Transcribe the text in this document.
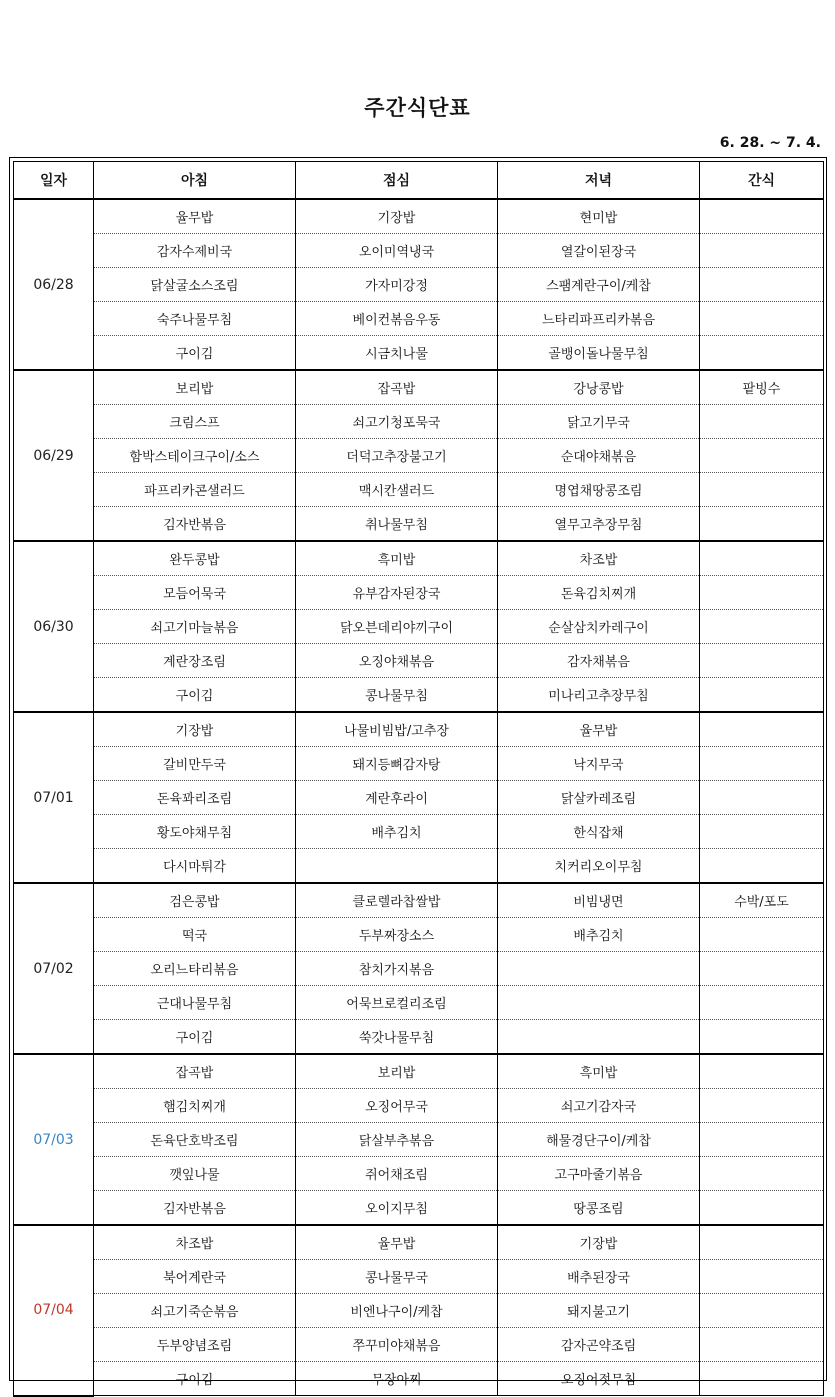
주간식단표
6. 28. ~ 7. 4.
일자	아침	점심	저녁	간식
06/28	율무밥	기장밥	현미밥	
	감자수제비국	오이미역냉국	열갈이된장국	
	닭살굴소스조림	가자미강정	스팸계란구이/케찹	
	숙주나물무침	베이컨볶음우동	느타리파프리카볶음	
	구이김	시금치나물	골뱅이돌나물무침	
06/29	보리밥	잡곡밥	강낭콩밥	팥빙수
	크림스프	쇠고기청포묵국	닭고기무국	
	함박스테이크구이/소스	더덕고추장불고기	순대야채볶음	
	파프리카콘샐러드	맥시칸샐러드	명엽채땅콩조림	
	김자반볶음	취나물무침	열무고추장무침	
06/30	완두콩밥	흑미밥	차조밥	
	모듬어묵국	유부감자된장국	돈육김치찌개	
	쇠고기마늘볶음	닭오븐데리야끼구이	순살삼치카레구이	
	계란장조림	오징야채볶음	감자채볶음	
	구이김	콩나물무침	미나리고추장무침	
07/01	기장밥	나물비빔밥/고추장	율무밥	
	갈비만두국	돼지등뼈감자탕	낙지무국	
	돈육꽈리조림	계란후라이	닭살카레조림	
	황도야채무침	배추김치	한식잡채	
	다시마튀각		치커리오이무침	
07/02	검은콩밥	클로렐라찹쌀밥	비빔냉면	수박/포도
	떡국	두부짜장소스	배추김치	
	오리느타리볶음	참치가지볶음		
	근대나물무침	어묵브로컬리조림		
	구이김	쑥갓나물무침		
07/03	잡곡밥	보리밥	흑미밥	
	햄김치찌개	오징어무국	쇠고기감자국	
	돈육단호박조림	닭살부추볶음	해물경단구이/케찹	
	깻잎나물	쥐어채조림	고구마줄기볶음	
	김자반볶음	오이지무침	땅콩조림	
07/04	차조밥	율무밥	기장밥	
	북어계란국	콩나물무국	배추된장국	
	쇠고기죽순볶음	비엔나구이/케찹	돼지불고기	
	두부양념조림	쭈꾸미야채볶음	감자곤약조림	
	구이김	무장아찌	오징어젓무침	
